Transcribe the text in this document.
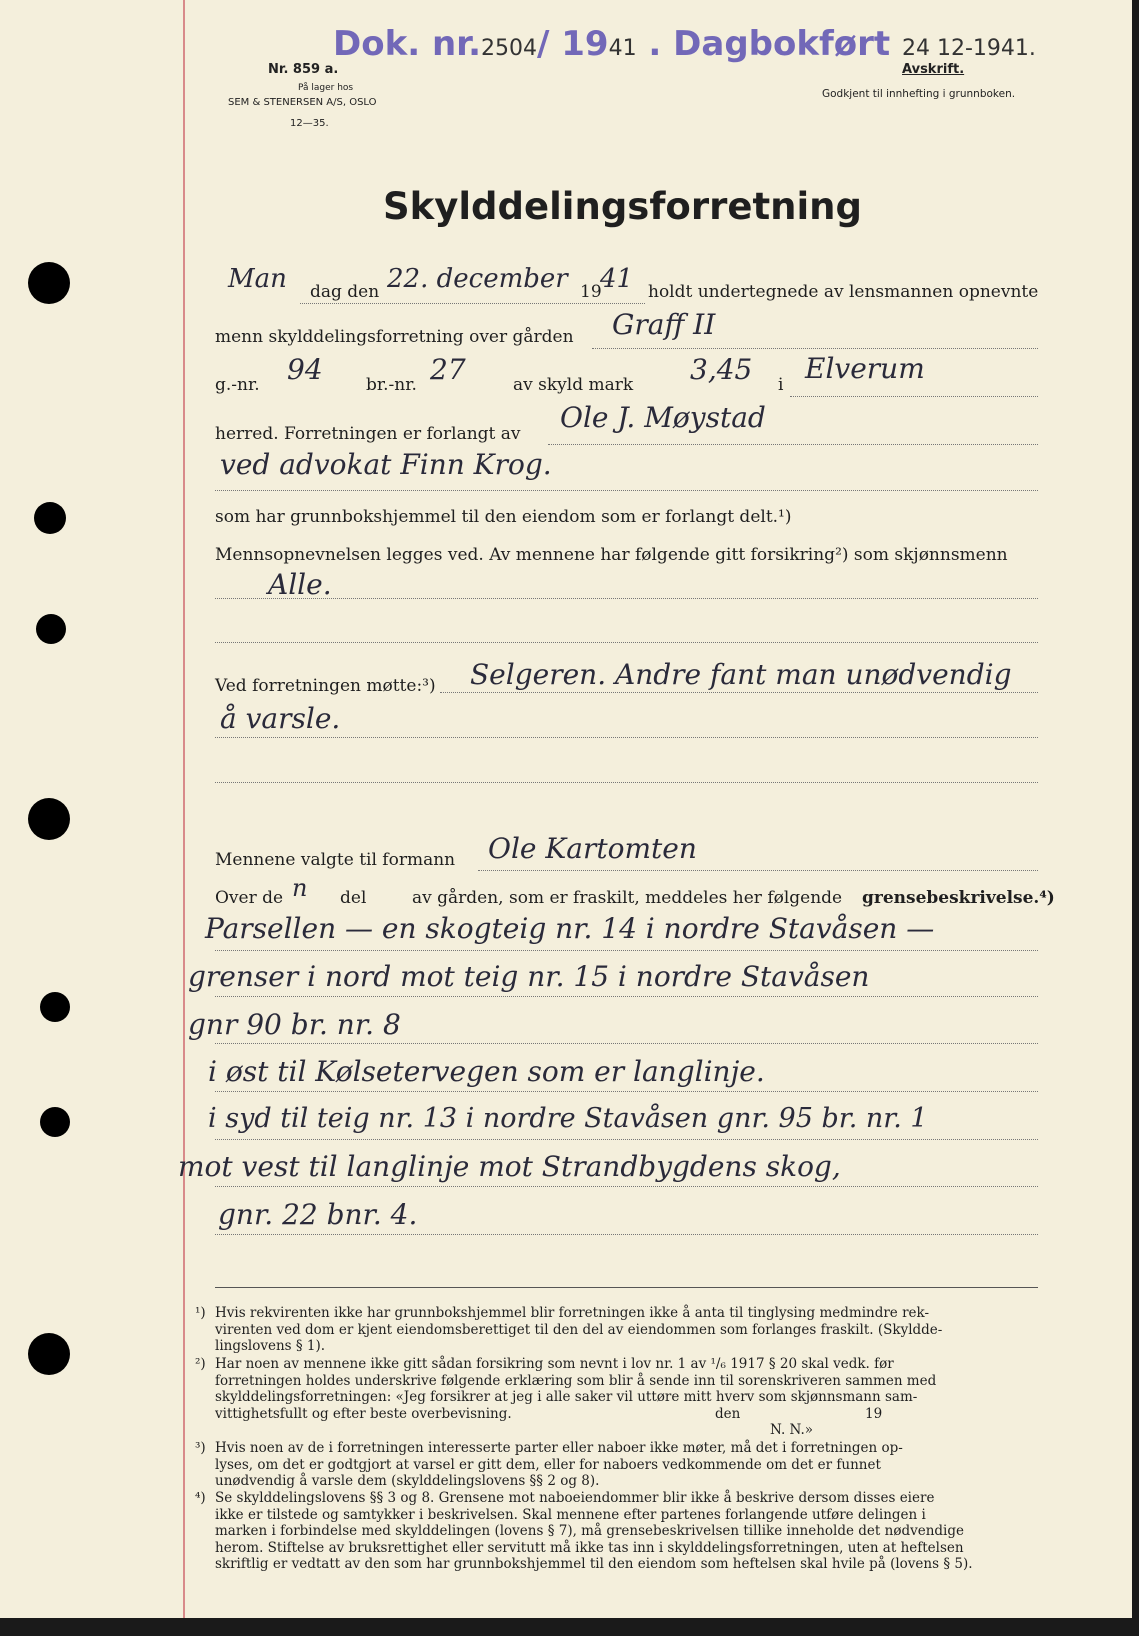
Dok. nr.2504/ 1941 . Dagbokført 24 12-1941.
Nr. 859 a.
På lager hos
SEM & STENERSEN A/S, OSLO
12—35.
Avskrift.
Godkjent til innhefting i grunnboken.
Skylddelingsforretning
Man dag den 22. december 19
41 holdt undertegnede av lensmannen opnevnte
menn skylddelingsforretning over gården Graff II
g.-nr. 94	br.-nr. 27	av skyld mark 3,45 i Elverum
herred. Forretningen er forlangt av Ole J. Møystad
ved advokat Finn Krog.
som har grunnbokshjemmel til den eiendom som er forlangt delt.¹)
Mennsopnevnelsen legges ved. Av mennene har følgende gitt forsikring²) som skjønnsmenn
Alle.
Ved forretningen møtte:³) Selgeren. Andre fant man unødvendig
å varsle.
Mennene valgte til formann Ole Kartomten
Over de n del	av gården, som er fraskilt, meddeles her følgende grensebeskrivelse.⁴)
Parsellen — en skogteig nr. 14 i nordre Stavåsen —
grenser i nord mot teig nr. 15 i nordre Stavåsen
gnr 90 br. nr. 8
i øst til Kølsetervegen som er langlinje.
i syd til teig nr. 13 i nordre Stavåsen gnr. 95 br. nr. 1
mot vest til langlinje mot Strandbygdens skog,
gnr. 22 bnr. 4.
¹) Hvis rekvirenten ikke har grunnbokshjemmel blir forretningen ikke å anta til tinglysing medmindre rek-
virenten ved dom er kjent eiendomsberettiget til den del av eiendommen som forlanges fraskilt. (Skyldde-
lingslovens § 1).
²) Har noen av mennene ikke gitt sådan forsikring som nevnt i lov nr. 1 av ¹/₆ 1917 § 20 skal vedk. før
forretningen holdes underskrive følgende erklæring som blir å sende inn til sorenskriveren sammen med
skylddelingsforretningen: «Jeg forsikrer at jeg i alle saker vil uttøre mitt hverv som skjønnsmann sam-
vittighetsfullt og efter beste overbevisning.	den	19
N. N.»
³) Hvis noen av de i forretningen interesserte parter eller naboer ikke møter, må det i forretningen op-
lyses, om det er godtgjort at varsel er gitt dem, eller for naboers vedkommende om det er funnet
unødvendig å varsle dem (skylddelingslovens §§ 2 og 8).
⁴) Se skylddelingslovens §§ 3 og 8. Grensene mot naboeiendommer blir ikke å beskrive dersom disses eiere
ikke er tilstede og samtykker i beskrivelsen. Skal mennene efter partenes forlangende utføre delingen i
marken i forbindelse med skylddelingen (lovens § 7), må grensebeskrivelsen tillike inneholde det nødvendige
herom. Stiftelse av bruksrettighet eller servitutt må ikke tas inn i skylddelingsforretningen, uten at heftelsen
skriftlig er vedtatt av den som har grunnbokshjemmel til den eiendom som heftelsen skal hvile på (lovens § 5).
